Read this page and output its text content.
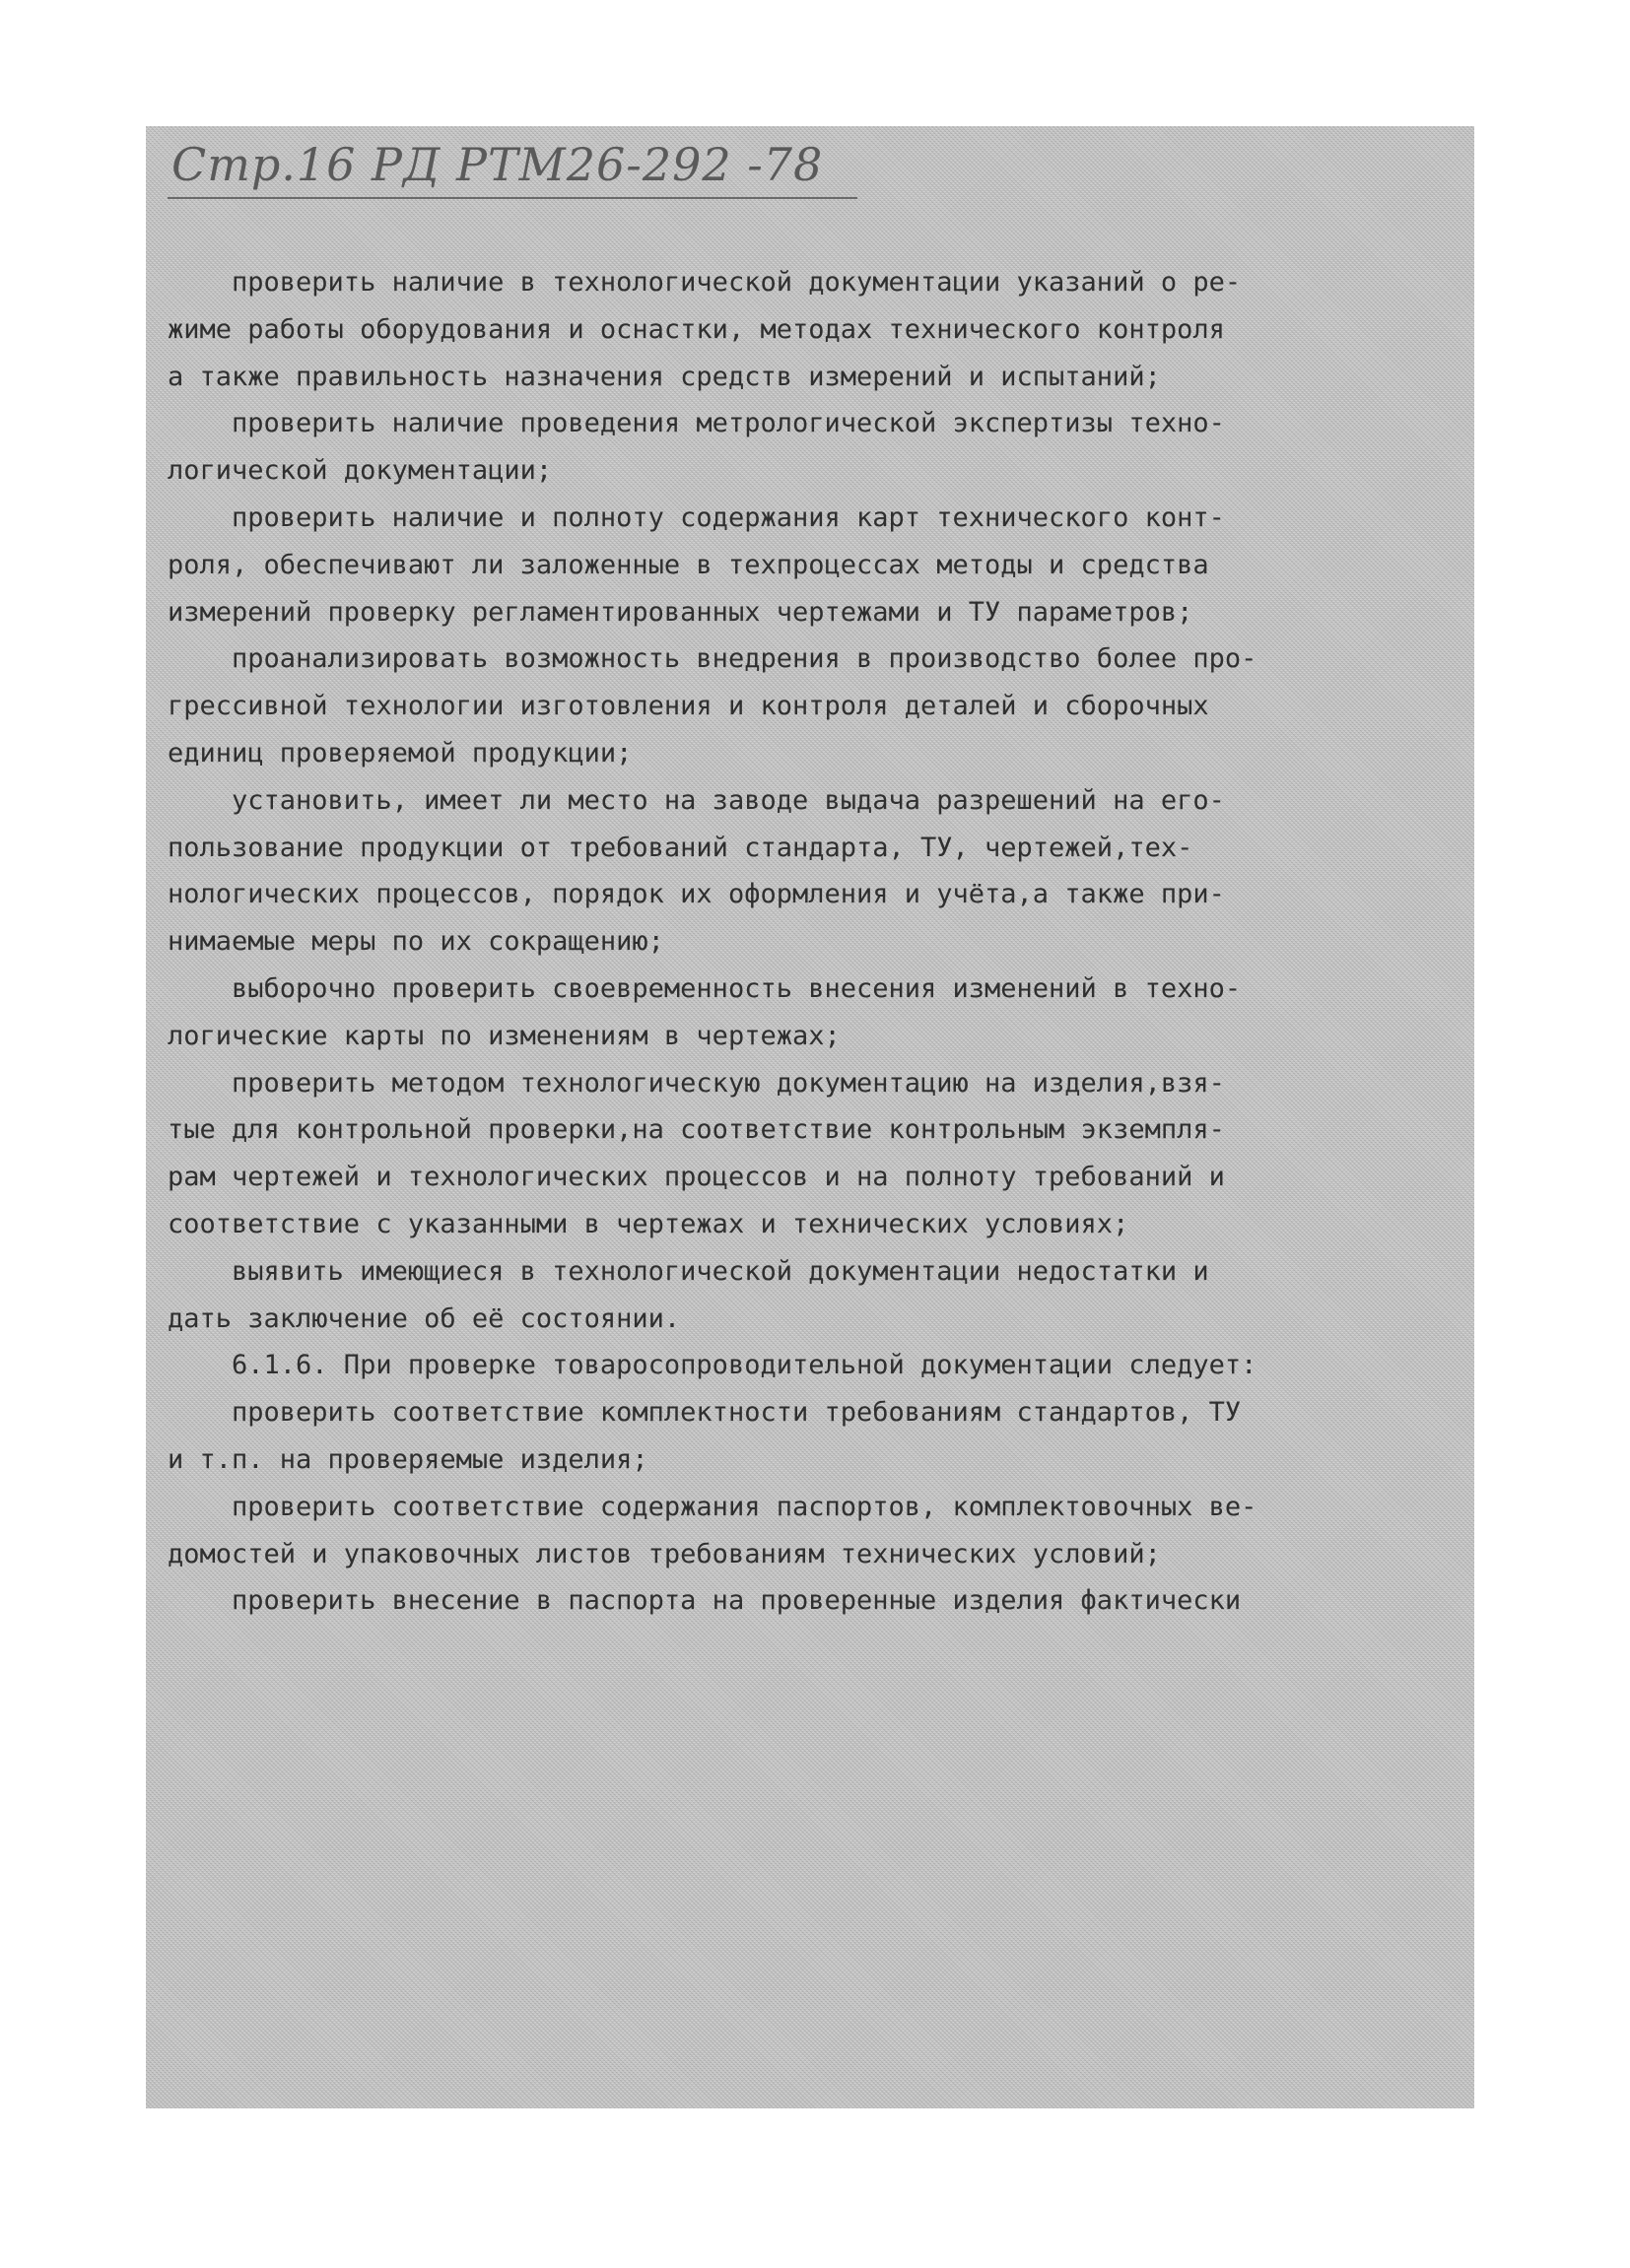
Стр.16 РД РТМ26-292 -78
проверить наличие в технологической документации указаний о ре-
жиме работы оборудования и оснастки, методах технического контроля
а также правильность назначения средств измерений и испытаний;
проверить наличие проведения метрологической экспертизы техно-
логической документации;
проверить наличие и полноту содержания карт технического конт-
роля, обеспечивают ли заложенные в техпроцессах методы и средства
измерений проверку регламентированных чертежами и ТУ параметров;
проанализировать возможность внедрения в производство более про-
грессивной технологии изготовления и контроля деталей и сборочных
единиц проверяемой продукции;
установить, имеет ли место на заводе выдача разрешений на его-
пользование продукции от требований стандарта, ТУ, чертежей,тех-
нологических процессов, порядок их оформления и учёта,а также при-
нимаемые меры по их сокращению;
выборочно проверить своевременность внесения изменений в техно-
логические карты по изменениям в чертежах;
проверить методом технологическую документацию на изделия,взя-
тые для контрольной проверки,на соответствие контрольным экземпля-
рам чертежей и технологических процессов и на полноту требований и
соответствие с указанными в чертежах и технических условиях;
выявить имеющиеся в технологической документации недостатки и
дать заключение об её состоянии.
6.1.6. При проверке товаросопроводительной документации следует:
проверить соответствие комплектности требованиям стандартов, ТУ
и т.п. на проверяемые изделия;
проверить соответствие содержания паспортов, комплектовочных ве-
домостей и упаковочных листов требованиям технических условий;
проверить внесение в паспорта на проверенные изделия фактически
